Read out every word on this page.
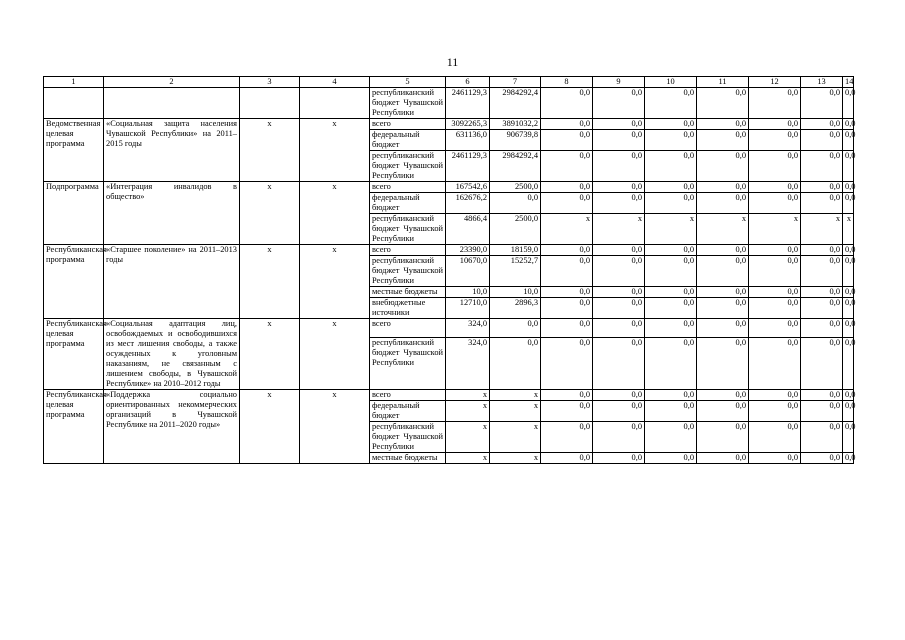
11
1	2	3	4	5	6	7	8	9	10	11	12	13	14
				республиканский бюджет Чувашской Республики	2461129,3	2984292,4	0,0	0,0	0,0	0,0	0,0	0,0	0,0
Ведомственная целевая программа	«Социальная защита населения Чувашской Республики» на 2011–2015 годы	х	х	всего	3092265,3	3891032,2	0,0	0,0	0,0	0,0	0,0	0,0	0,0
				федеральный бюджет	631136,0	906739,8	0,0	0,0	0,0	0,0	0,0	0,0	0,0
				республиканский бюджет Чувашской Республики	2461129,3	2984292,4	0,0	0,0	0,0	0,0	0,0	0,0	0,0
Подпрограмма	«Интеграция инвалидов в общество»	х	х	всего	167542,6	2500,0	0,0	0,0	0,0	0,0	0,0	0,0	0,0
				федеральный бюджет	162676,2	0,0	0,0	0,0	0,0	0,0	0,0	0,0	0,0
				республиканский бюджет Чувашской Республики	4866,4	2500,0	х	х	х	х	х	х	х
Республиканская программа	«Старшее поколение» на 2011–2013 годы	х	х	всего	23390,0	18159,0	0,0	0,0	0,0	0,0	0,0	0,0	0,0
				республиканский бюджет Чувашской Республики	10670,0	15252,7	0,0	0,0	0,0	0,0	0,0	0,0	0,0
				местные бюджеты	10,0	10,0	0,0	0,0	0,0	0,0	0,0	0,0	0,0
				внебюджетные источники	12710,0	2896,3	0,0	0,0	0,0	0,0	0,0	0,0	0,0
Республиканская целевая программа	«Социальная адаптация лиц, освобождаемых и освободившихся из мест лишения свободы, а также осужденных к уголовным наказаниям, не связанным с лишением свободы, в Чувашской Республике» на 2010–2012 годы	х	х	всего	324,0	0,0	0,0	0,0	0,0	0,0	0,0	0,0	0,0
				республиканский бюджет Чувашской Республики	324,0	0,0	0,0	0,0	0,0	0,0	0,0	0,0	0,0
Республиканская целевая программа	«Поддержка социально ориентированных некоммерческих организаций в Чувашской Республике на 2011–2020 годы»	х	х	всего	х	х	0,0	0,0	0,0	0,0	0,0	0,0	0,0
				федеральный бюджет	х	х	0,0	0,0	0,0	0,0	0,0	0,0	0,0
				республиканский бюджет Чувашской Республики	х	х	0,0	0,0	0,0	0,0	0,0	0,0	0,0
				местные бюджеты	х	х	0,0	0,0	0,0	0,0	0,0	0,0	0,0
